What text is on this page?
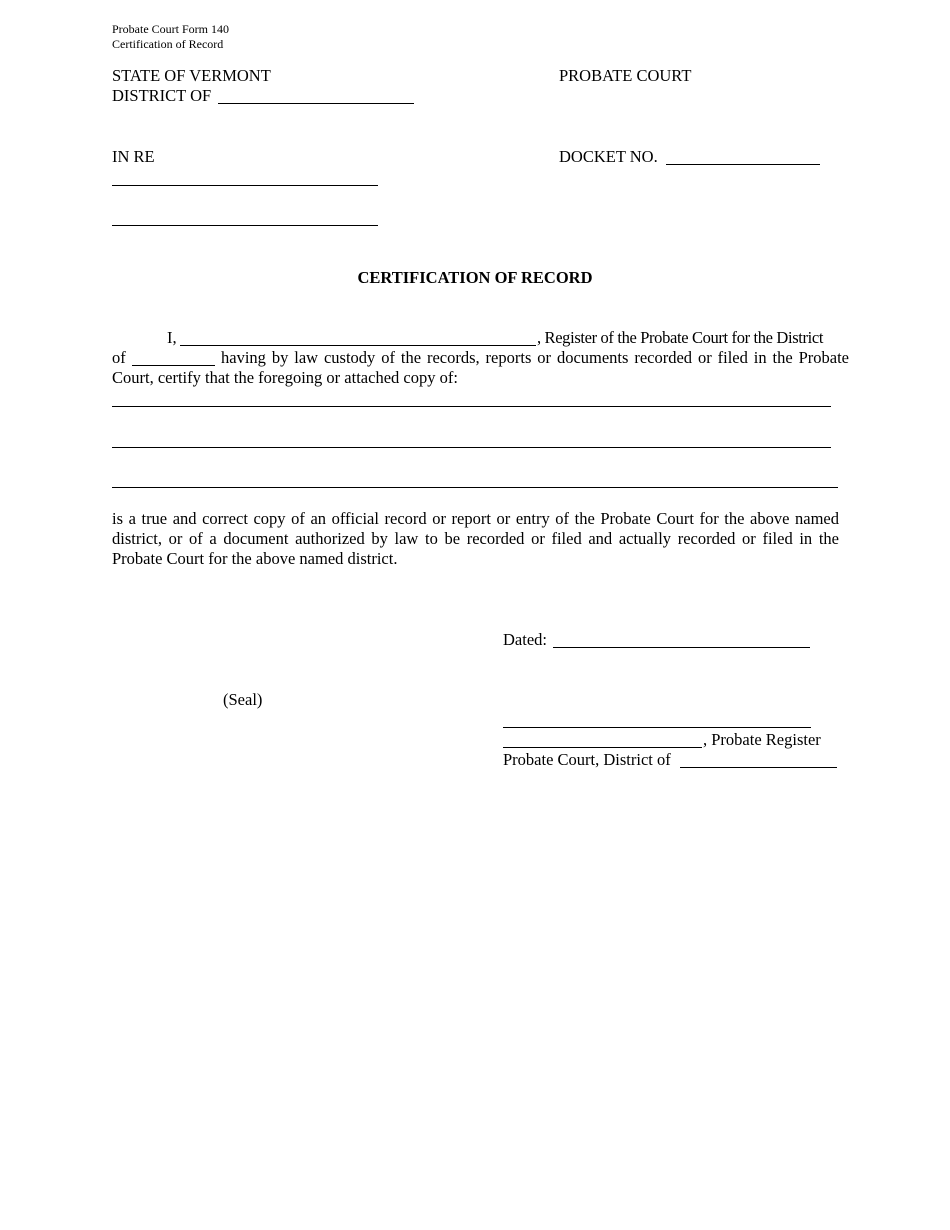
Probate Court Form 140
Certification of Record
STATE OF VERMONT
DISTRICT OF
PROBATE COURT
IN RE	DOCKET NO.
CERTIFICATION OF RECORD
I,	, Register of the Probate Court for the District
of	having by law custody of the records, reports or documents recorded or filed in the Probate Court, certify that the foregoing or attached copy of:
is a true and correct copy of an official record or report or entry of the Probate Court for the above named district, or of a document authorized by law to be recorded or filed and actually recorded or filed in the Probate Court for the above named district.
Dated:
(Seal)
, Probate Register
Probate Court, District of
